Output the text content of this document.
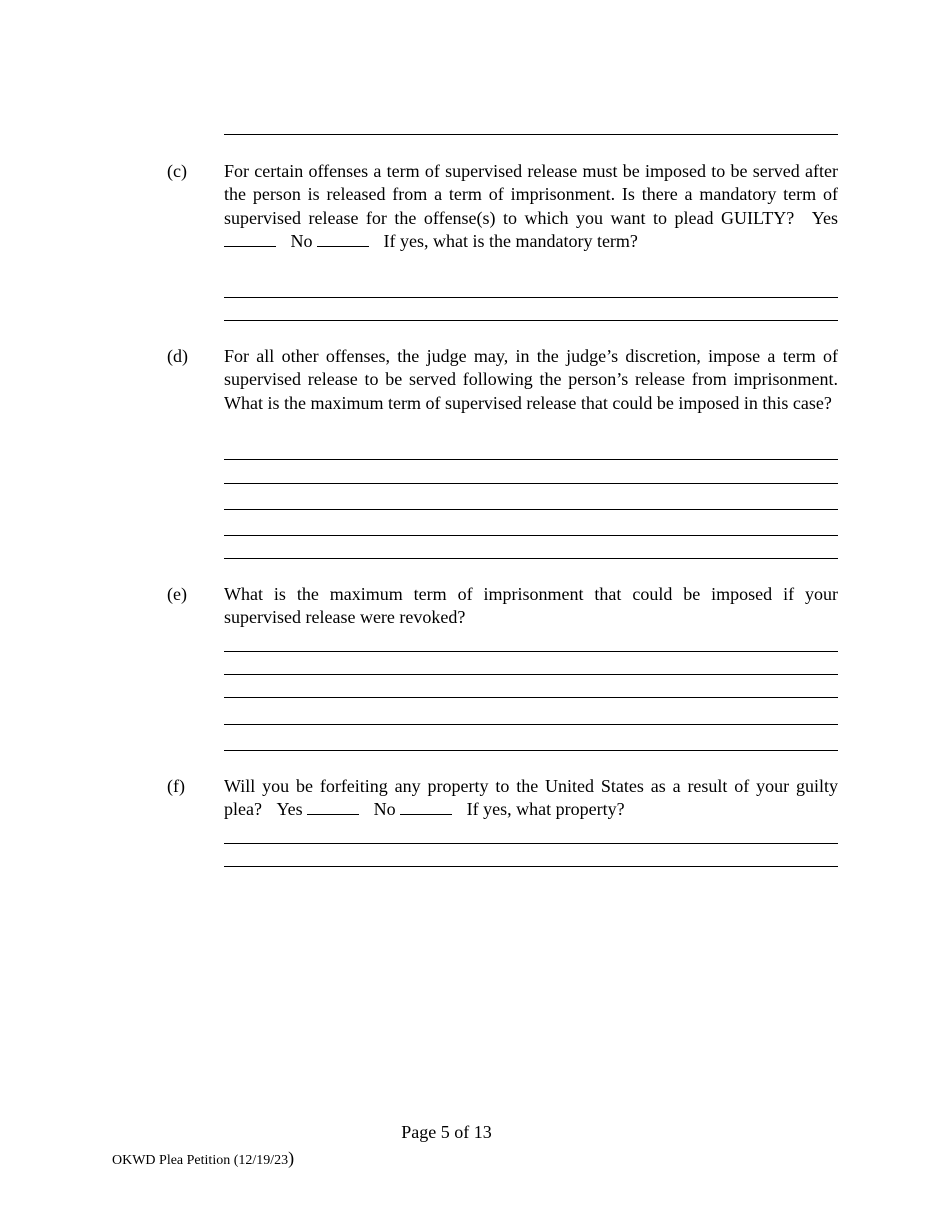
(c) For certain offenses a term of supervised release must be imposed to be served after the person is released from a term of imprisonment. Is there a mandatory term of supervised release for the offense(s) to which you want to plead GUILTY? Yes  No	If yes, what is the mandatory term?
(d) For all other offenses, the judge may, in the judge’s discretion, impose a term of supervised release to be served following the person’s release from imprisonment. What is the maximum term of supervised release that could be imposed in this case?
(e) What is the maximum term of imprisonment that could be imposed if your supervised release were revoked?
(f) Will you be forfeiting any property to the United States as a result of your guilty plea? Yes	No	If yes, what property?
Page 5 of 13
OKWD Plea Petition (12/19/23)
